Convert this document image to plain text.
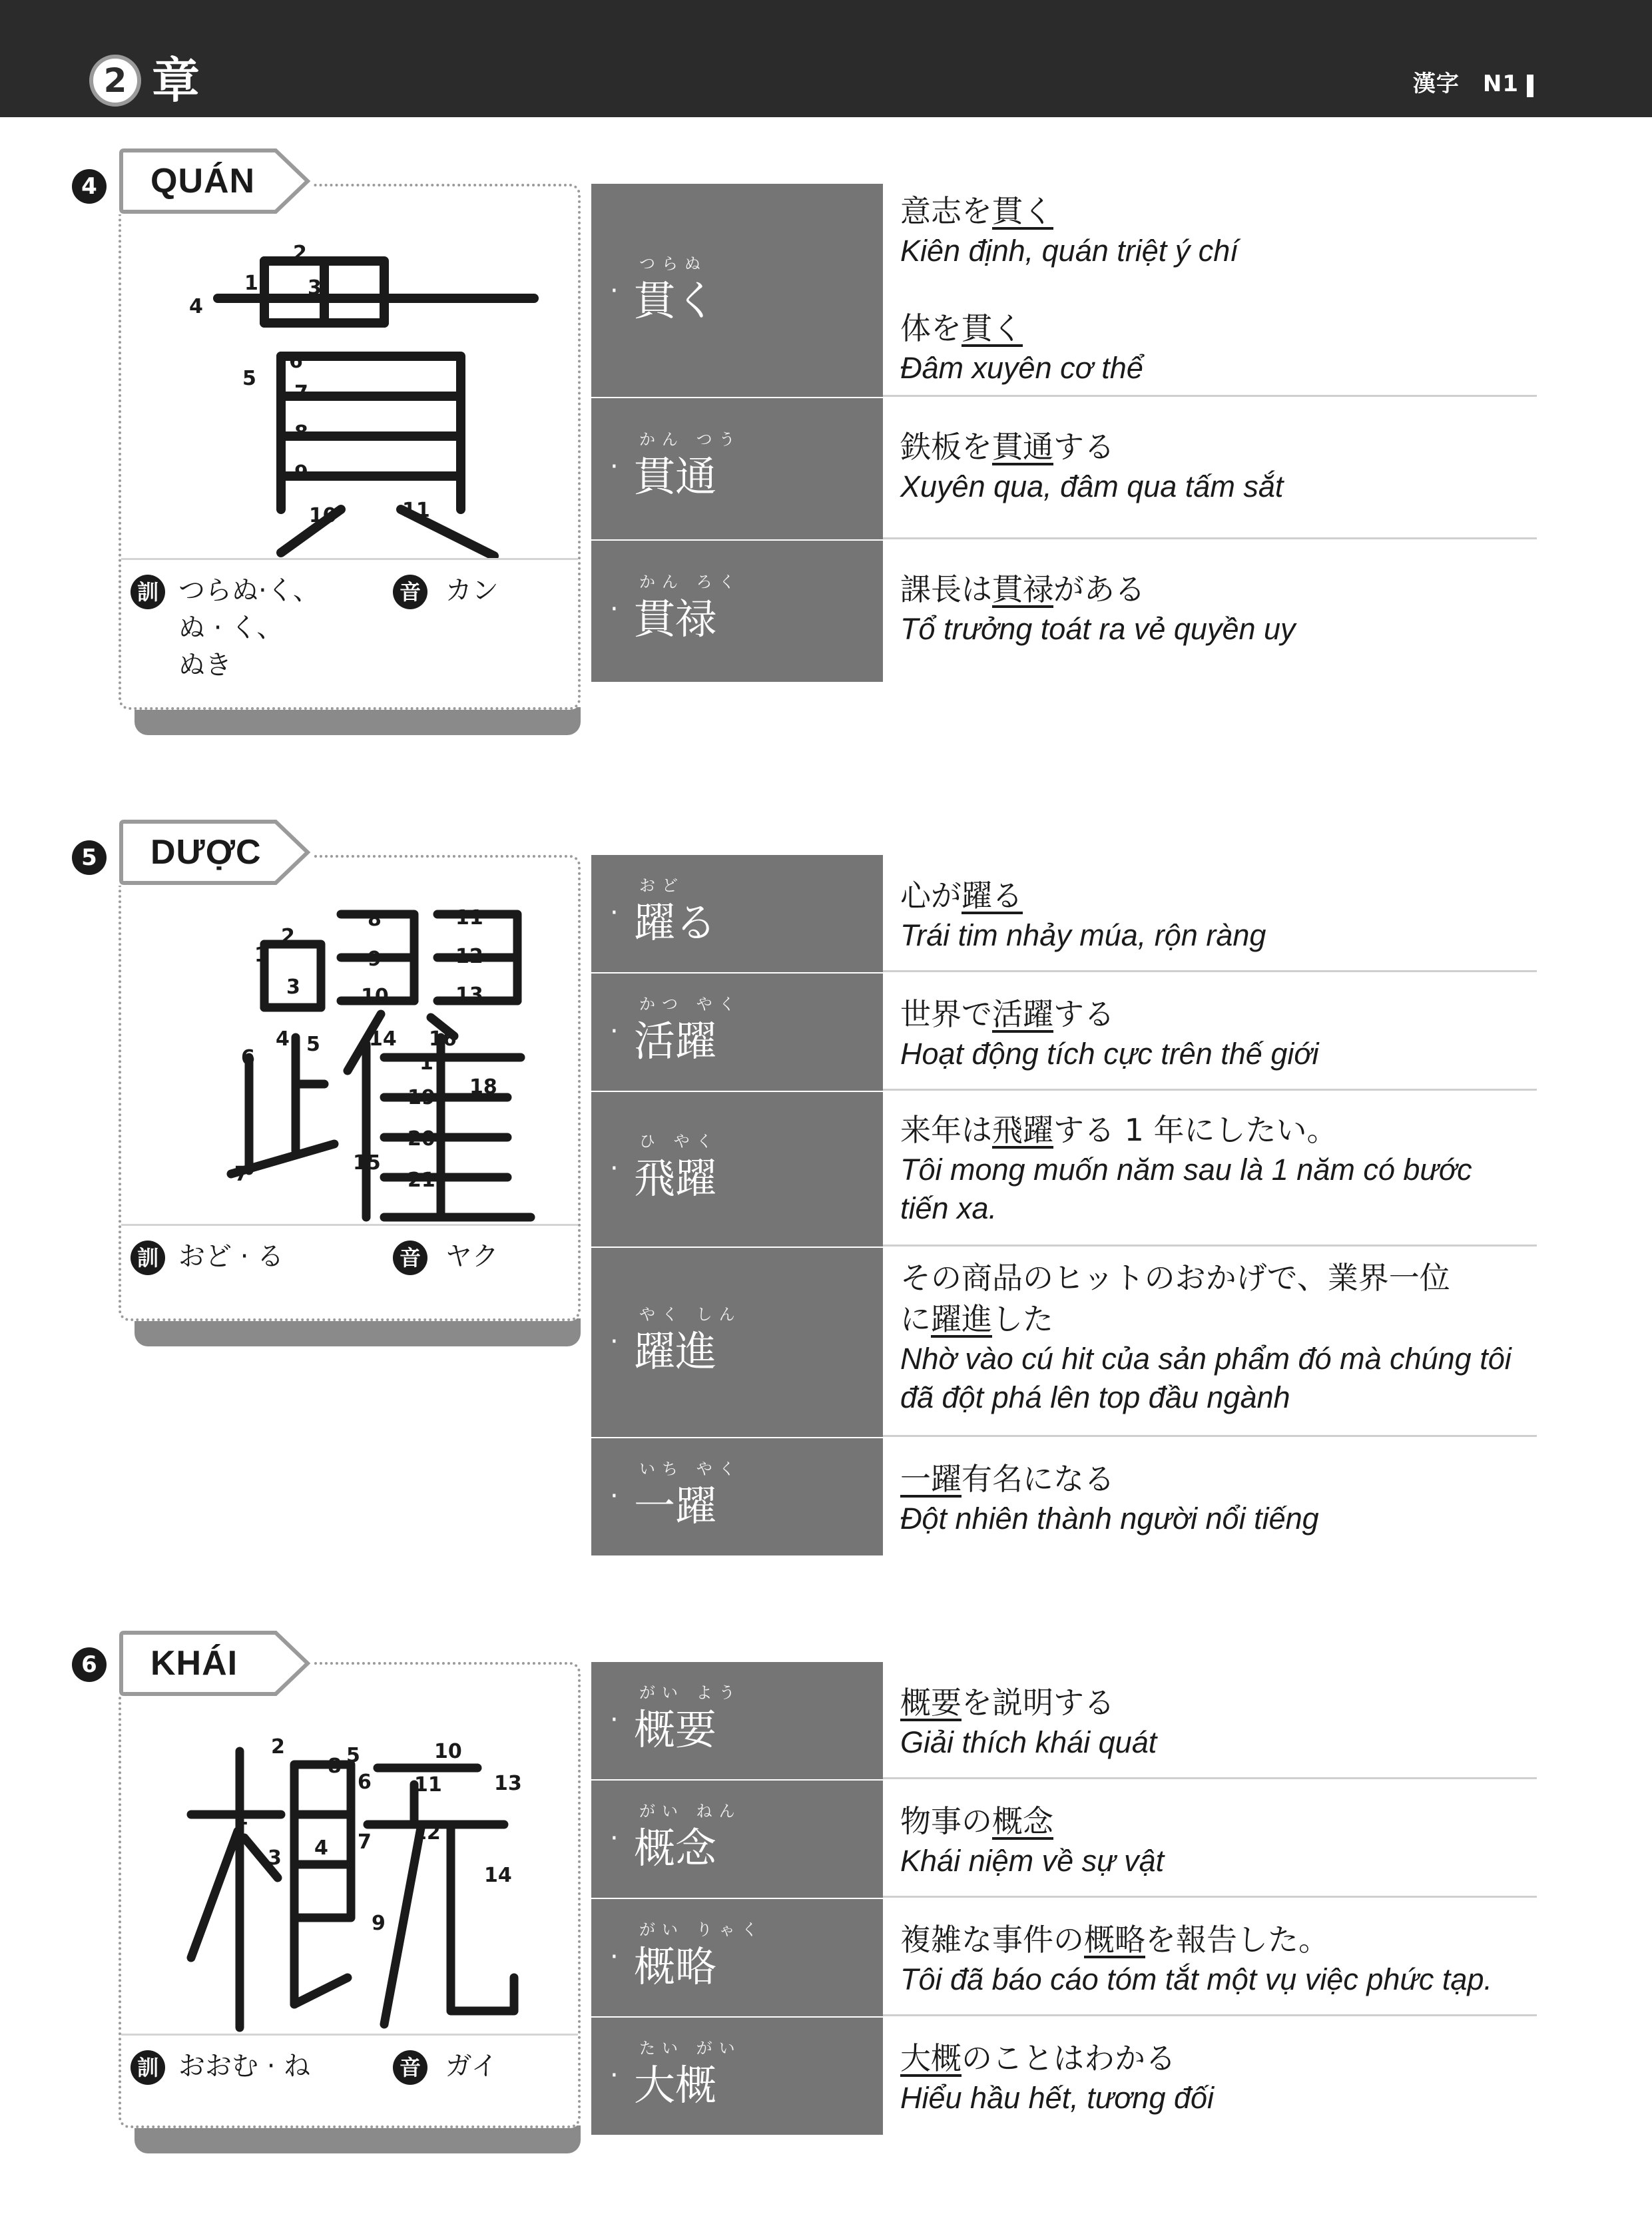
2 章	漢字　N1
4
1
2
3
4
5
6
7
8
9
10	11
訓 つらぬ·く、
ぬ · く、
ぬき
音 カン
QUÁN
つらぬ
· 貫く
意志を貫く
Kiên định, quán triệt ý chí
体を貫く
Đâm xuyên cơ thể
かん つう
· 貫通
鉄板を貫通する
Xuyên qua, đâm qua tấm sắt
かん ろく
· 貫禄
課長は貫禄がある
Tổ trưởng toát ra vẻ quyền uy
5
1
2
3
4 5
6
7
8
9
10
11
12
13
14
15
16
17
18
19
20
21
訓 おど · る	音 ヤク
DƯỢC
おど
· 躍る
心が躍る
Trái tim nhảy múa, rộn ràng
かつ やく
· 活躍
世界で活躍する
Hoạt động tích cực trên thế giới
ひ やく
· 飛躍
来年は飛躍する 1 年にしたい。
Tôi mong muốn năm sau là 1 năm có bước tiến xa.
やく しん
· 躍進
その商品のヒットのおかげで、業界一位
に躍進した
Nhờ vào cú hit của sản phẩm đó mà chúng tôi đã đột phá lên top đầu ngành
いち やく
· 一躍
一躍有名になる
Đột nhiên thành người nổi tiếng
6
1
2
3 4
5
6
7
8
9
10
11
12
13
14
訓 おおむ · ね	音 ガイ
KHÁI
がい よう
· 概要
概要を説明する
Giải thích khái quát
がい ねん
· 概念
物事の概念
Khái niệm về sự vật
がい りゃく
· 概略
複雑な事件の概略を報告した。
Tôi đã báo cáo tóm tắt một vụ việc phức tạp.
たい がい
· 大概
大概のことはわかる
Hiểu hầu hết, tương đối
